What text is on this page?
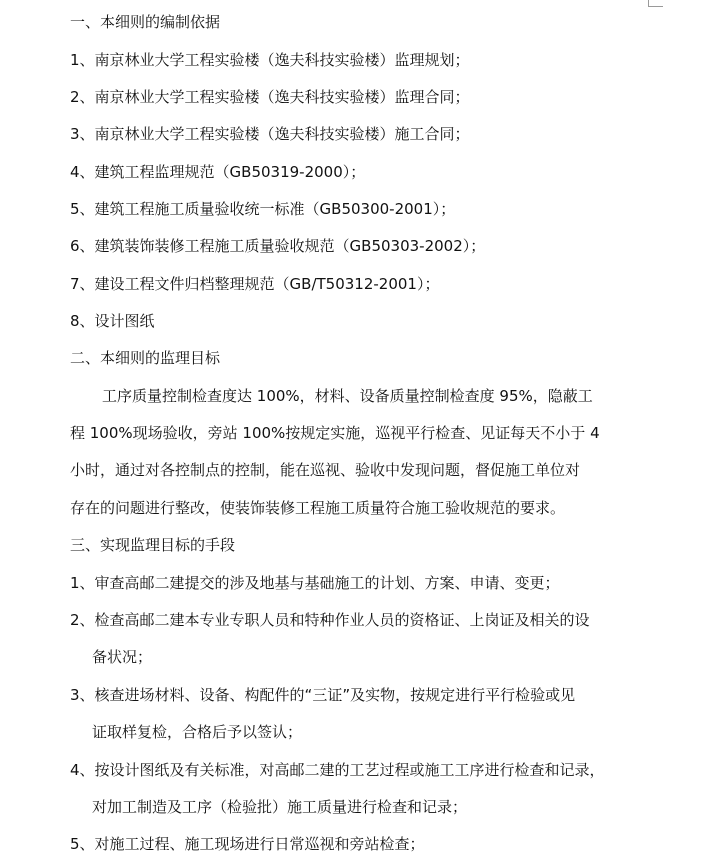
一、本细则的编制依据
1、南京林业大学工程实验楼（逸夫科技实验楼）监理规划；
2、南京林业大学工程实验楼（逸夫科技实验楼）监理合同；
3、南京林业大学工程实验楼（逸夫科技实验楼）施工合同；
4、建筑工程监理规范（GB50319-2000）；
5、建筑工程施工质量验收统一标准（GB50300-2001）；
6、建筑装饰装修工程施工质量验收规范（GB50303-2002）；
7、建设工程文件归档整理规范（GB/T50312-2001）；
8、设计图纸
二、本细则的监理目标
工序质量控制检查度达 100%，材料、设备质量控制检查度 95%，隐蔽工
程 100%现场验收，旁站 100%按规定实施，巡视平行检查、见证每天不小于 4
小时，通过对各控制点的控制，能在巡视、验收中发现问题，督促施工单位对
存在的问题进行整改，使装饰装修工程施工质量符合施工验收规范的要求。
三、实现监理目标的手段
1、审查高邮二建提交的涉及地基与基础施工的计划、方案、申请、变更；
2、检查高邮二建本专业专职人员和特种作业人员的资格证、上岗证及相关的设
备状况；
3、核查进场材料、设备、构配件的“三证”及实物，按规定进行平行检验或见
证取样复检，合格后予以签认；
4、按设计图纸及有关标准，对高邮二建的工艺过程或施工工序进行检查和记录，
对加工制造及工序（检验批）施工质量进行检查和记录；
5、对施工过程、施工现场进行日常巡视和旁站检查；
